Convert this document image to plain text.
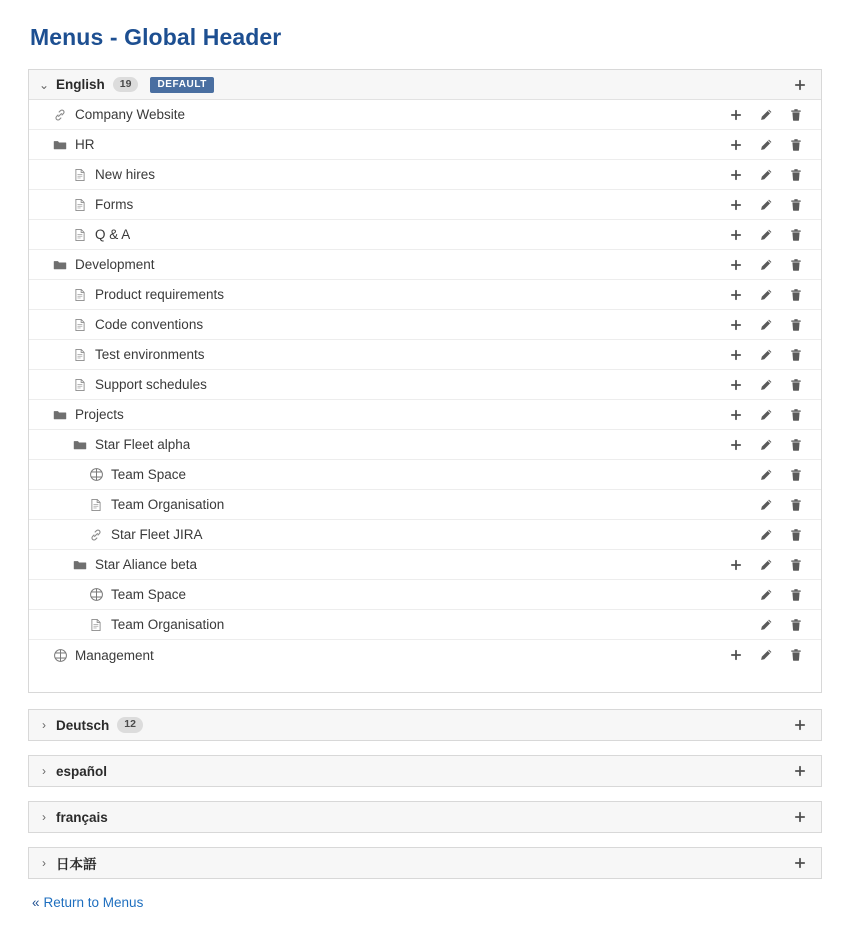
Menus - Global Header
⌄ English	19	DEFAULT
Company Website
HR
New hires
Forms
Q & A
Development
Product requirements
Code conventions
Test environments
Support schedules
Projects
Star Fleet alpha
Team Space
Team Organisation
Star Fleet JIRA
Star Aliance beta
Team Space
Team Organisation
Management
› Deutsch	12
› español
› français
› 日本語
« Return to Menus
